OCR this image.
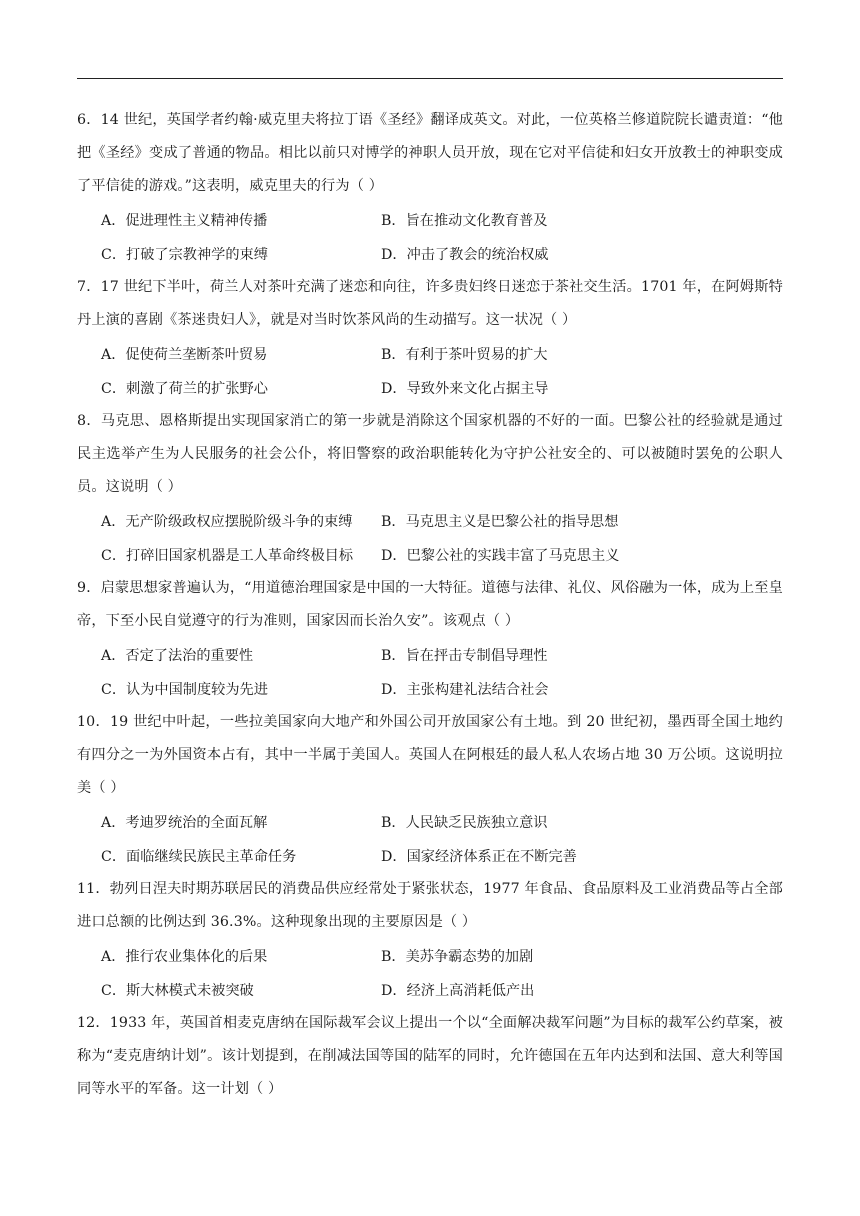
6．14 世纪，英国学者约翰·威克里夫将拉丁语《圣经》翻译成英文。对此，一位英格兰修道院院长谴责道：“他把《圣经》变成了普通的物品。相比以前只对博学的神职人员开放，现在它对平信徒和妇女开放教士的神职变成了平信徒的游戏。”这表明，威克里夫的行为（ ）

A．促进理性主义精神传播	B．旨在推动文化教育普及
C．打破了宗教神学的束缚	D．冲击了教会的统治权威

7．17 世纪下半叶，荷兰人对茶叶充满了迷恋和向往，许多贵妇终日迷恋于茶社交生活。1701 年，在阿姆斯特丹上演的喜剧《茶迷贵妇人》，就是对当时饮茶风尚的生动描写。这一状况（ ）

A．促使荷兰垄断茶叶贸易	B．有利于茶叶贸易的扩大
C．刺激了荷兰的扩张野心	D．导致外来文化占据主导

8．马克思、恩格斯提出实现国家消亡的第一步就是消除这个国家机器的不好的一面。巴黎公社的经验就是通过民主选举产生为人民服务的社会公仆，将旧警察的政治职能转化为守护公社安全的、可以被随时罢免的公职人员。这说明（ ）

A．无产阶级政权应摆脱阶级斗争的束缚	B．马克思主义是巴黎公社的指导思想
C．打碎旧国家机器是工人革命终极目标	D．巴黎公社的实践丰富了马克思主义

9．启蒙思想家普遍认为，“用道德治理国家是中国的一大特征。道德与法律、礼仪、风俗融为一体，成为上至皇帝，下至小民自觉遵守的行为准则，国家因而长治久安”。该观点（ ）

A．否定了法治的重要性	B．旨在抨击专制倡导理性
C．认为中国制度较为先进	D．主张构建礼法结合社会

10．19 世纪中叶起，一些拉美国家向大地产和外国公司开放国家公有土地。到 20 世纪初，墨西哥全国土地约有四分之一为外国资本占有，其中一半属于美国人。英国人在阿根廷的最人私人农场占地 30 万公顷。这说明拉美（ ）

A．考迪罗统治的全面瓦解	B．人民缺乏民族独立意识
C．面临继续民族民主革命任务	D．国家经济体系正在不断完善

11．勃列日涅夫时期苏联居民的消费品供应经常处于紧张状态，1977 年食品、食品原料及工业消费品等占全部进口总额的比例达到 36.3%。这种现象出现的主要原因是（ ）

A．推行农业集体化的后果	B．美苏争霸态势的加剧
C．斯大林模式未被突破	D．经济上高消耗低产出

12．1933 年，英国首相麦克唐纳在国际裁军会议上提出一个以“全面解决裁军问题”为目标的裁军公约草案，被称为“麦克唐纳计划”。该计划提到，在削减法国等国的陆军的同时，允许德国在五年内达到和法国、意大利等国同等水平的军备。这一计划（ ）
